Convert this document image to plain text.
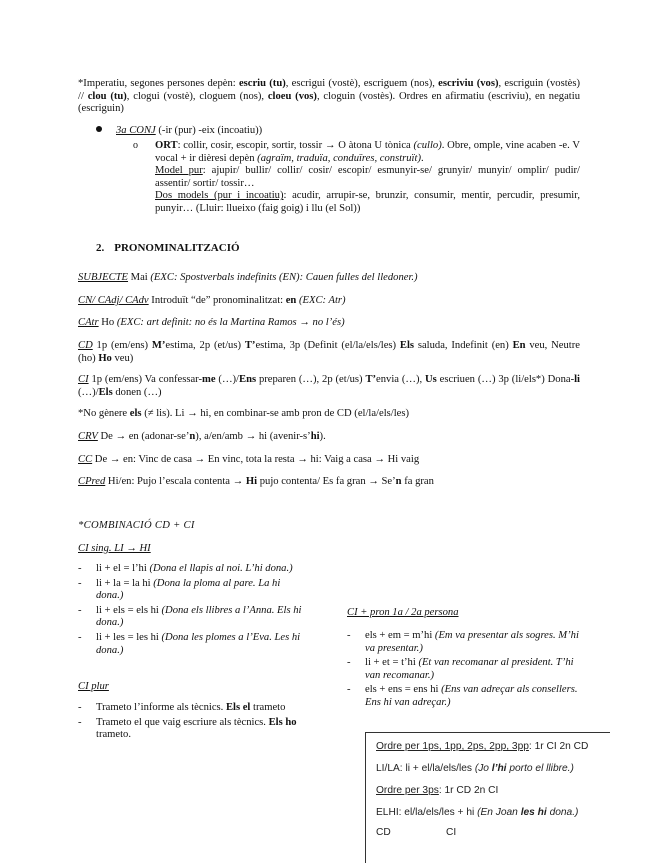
*Imperatiu, segones persones depèn: escriu (tu), escrigui (vostè), escriguem (nos), escriviu (vos), escriguin (vostès) // clou (tu), clogui (vostè), cloguem (nos), cloeu (vos), cloguin (vostès). Ordres en afirmatiu (escriviu), en negatiu (escriguin)
3a CONJ (-ir (pur) -eix (incoatiu))
o ORT: collir, cosir, escopir, sortir, tossir → O àtona U tònica (cullo). Obre, omple, vine acaben -e. V vocal + ir dièresi depèn (agraïm, traduïa, conduïres, construït).
Model pur: ajupir/ bullir/ collir/ cosir/ escopir/ esmunyir-se/ grunyir/ munyir/ omplir/ pudir/ assentir/ sortir/ tossir…
Dos models (pur i incoatiu): acudir, arrupir-se, brunzir, consumir, mentir, percudir, presumir, punyir… (Lluir: llueixo (faig goig) i llu (el Sol))
2. PRONOMINALITZACIÓ
SUBJECTE Mai (EXC: Spostverbals indefinits (EN): Cauen fulles del lledoner.)
CN/ CAdj/ CAdv Introduït “de” pronominalitzat: en (EXC: Atr)
CAtr Ho (EXC: art definit: no és la Martina Ramos → no l’és)
CD 1p (em/ens) M’estima, 2p (et/us) T’estima, 3p (Definit (el/la/els/les) Els saluda, Indefinit (en) En veu, Neutre (ho) Ho veu)
CI 1p (em/ens) Va confessar-me (…)/Ens preparen (…), 2p (et/us) T’envia (…), Us escriuen (…) 3p (li/els*) Dona-li (…)/Els donen (…)
*No gènere els (≠ lis). Li → hi, en combinar-se amb pron de CD (el/la/els/les)
CRV De → en (adonar-se’n), a/en/amb → hi (avenir-s’hi).
CC De → en: Vinc de casa → En vinc, tota la resta → hi: Vaig a casa → Hi vaig
CPred Hi/en: Pujo l’escala contenta → Hi pujo contenta/ Es fa gran → Se’n fa gran
*COMBINACIÓ CD + CI
CI sing. LI → HI
- li + el = l’hi (Dona el llapis al noi. L’hi dona.)
- li + la = la hi (Dona la ploma al pare. La hi dona.)
- li + els = els hi (Dona els llibres a l’Anna. Els hi dona.)
- li + les = les hi (Dona les plomes a l’Eva. Les hi dona.)
CI plur
- Trameto l’informe als tècnics. Els el trameto
- Trameto el que vaig escriure als tècnics. Els ho trameto.
CI + pron 1a / 2a persona
- els + em = m’hi (Em va presentar als sogres. M’hi va presentar.)
- li + et = t’hi (Et van recomanar al president. T’hi van recomanar.)
- els + ens = ens hi (Ens van adreçar als consellers. Ens hi van adreçar.)
Ordre per 1ps, 1pp, 2ps, 2pp, 3pp: 1r CI 2n CD
LI/LA: li + el/la/els/les (Jo l’hi porto el llibre.)
Ordre per 3ps: 1r CD 2n CI
ELHI: el/la/els/les + hi (En Joan les hi dona.)
CD	CI
